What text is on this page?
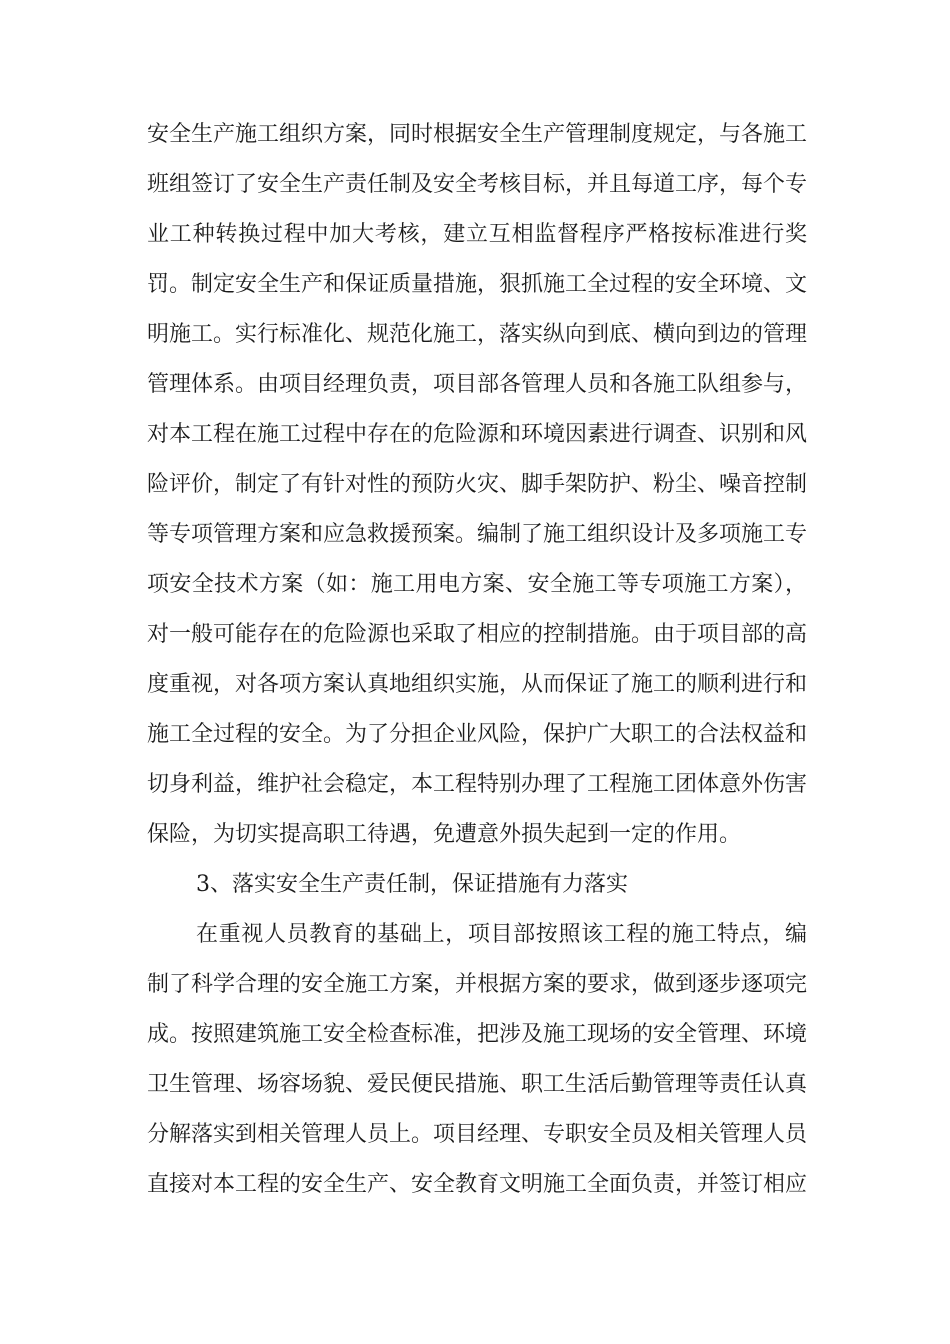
安全生产施工组织方案，同时根据安全生产管理制度规定，与各施工
班组签订了安全生产责任制及安全考核目标，并且每道工序，每个专
业工种转换过程中加大考核，建立互相监督程序严格按标准进行奖
罚。制定安全生产和保证质量措施，狠抓施工全过程的安全环境、文
明施工。实行标准化、规范化施工，落实纵向到底、横向到边的管理
管理体系。由项目经理负责，项目部各管理人员和各施工队组参与，
对本工程在施工过程中存在的危险源和环境因素进行调查、识别和风
险评价，制定了有针对性的预防火灾、脚手架防护、粉尘、噪音控制
等专项管理方案和应急救援预案。编制了施工组织设计及多项施工专
项安全技术方案（如：施工用电方案、安全施工等专项施工方案），
对一般可能存在的危险源也采取了相应的控制措施。由于项目部的高
度重视，对各项方案认真地组织实施，从而保证了施工的顺利进行和
施工全过程的安全。为了分担企业风险，保护广大职工的合法权益和
切身利益，维护社会稳定，本工程特别办理了工程施工团体意外伤害
保险，为切实提高职工待遇，免遭意外损失起到一定的作用。
3、落实安全生产责任制，保证措施有力落实
在重视人员教育的基础上，项目部按照该工程的施工特点，编
制了科学合理的安全施工方案，并根据方案的要求，做到逐步逐项完
成。按照建筑施工安全检查标准，把涉及施工现场的安全管理、环境
卫生管理、场容场貌、爱民便民措施、职工生活后勤管理等责任认真
分解落实到相关管理人员上。项目经理、专职安全员及相关管理人员
直接对本工程的安全生产、安全教育文明施工全面负责，并签订相应
